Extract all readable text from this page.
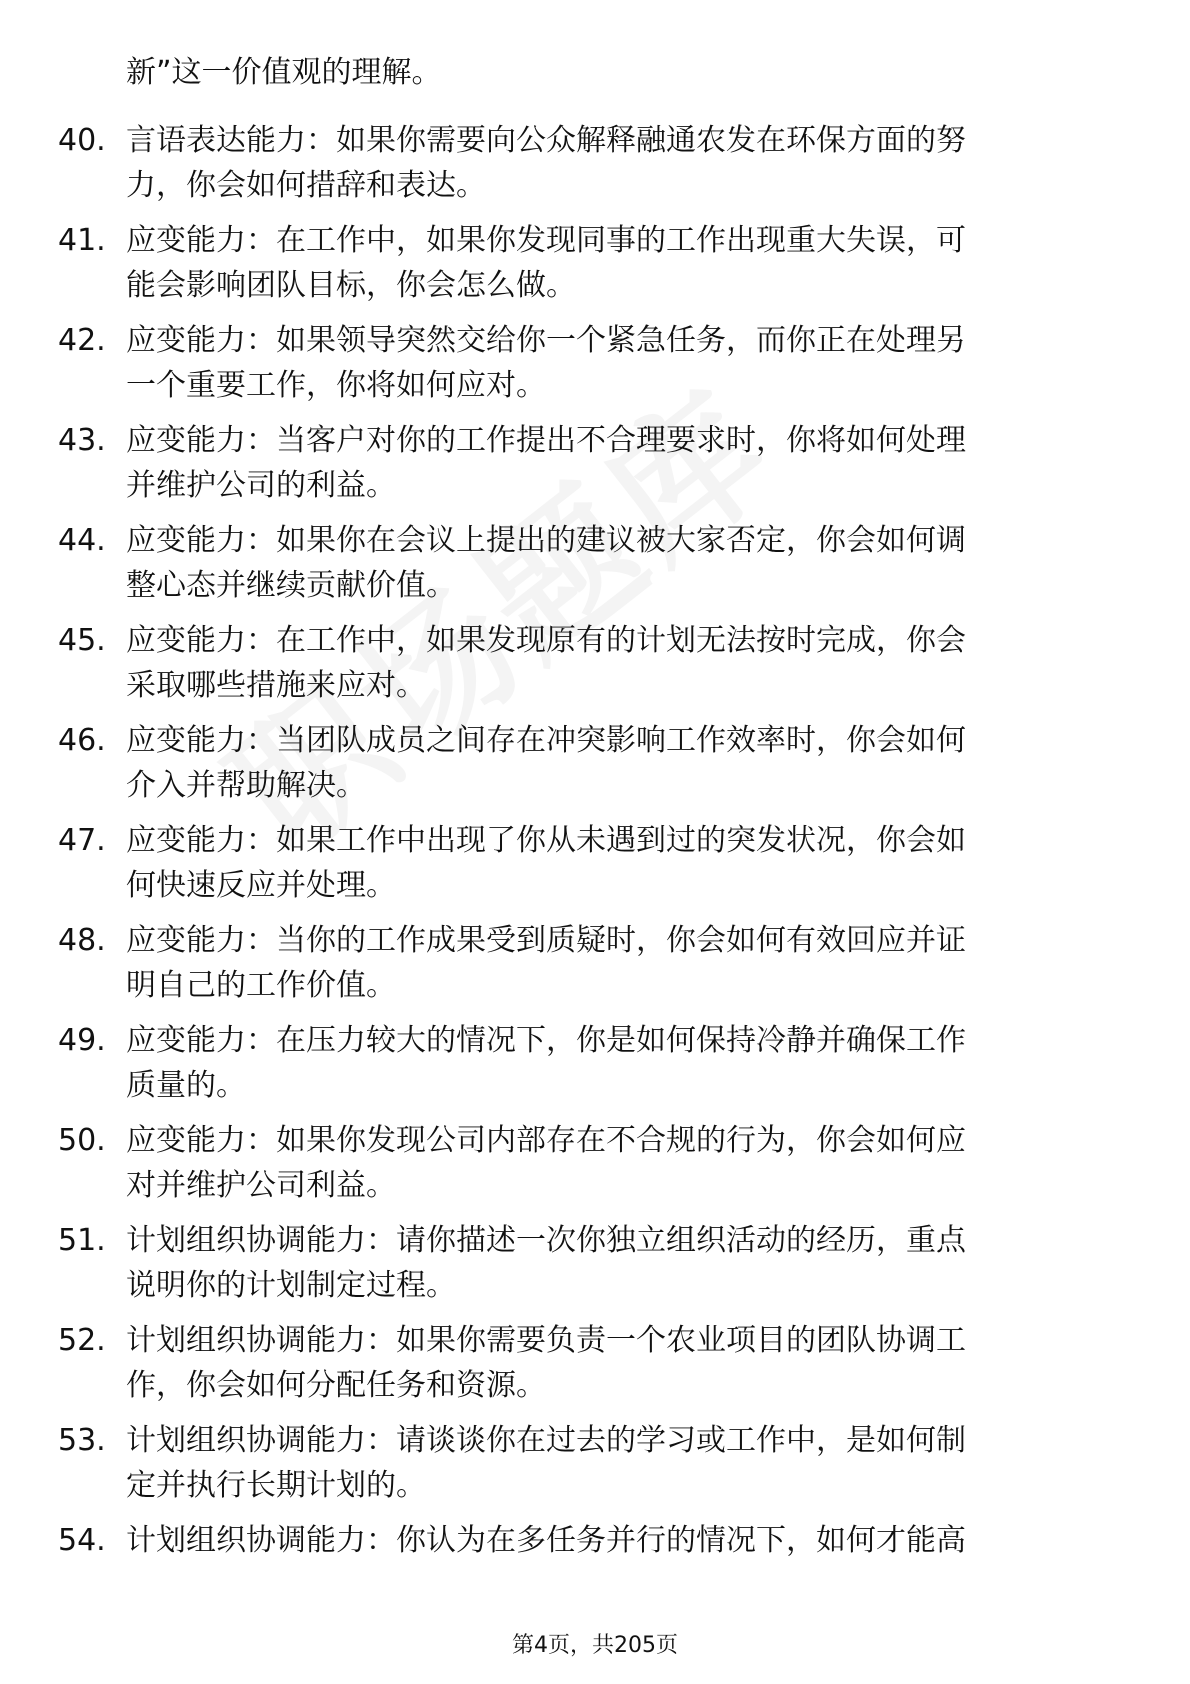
新”这一价值观的理解。
40. 言语表达能力：如果你需要向公众解释融通农发在环保方面的努
力，你会如何措辞和表达。
41. 应变能力：在工作中，如果你发现同事的工作出现重大失误，可
能会影响团队目标，你会怎么做。
42. 应变能力：如果领导突然交给你一个紧急任务，而你正在处理另
一个重要工作，你将如何应对。
43. 应变能力：当客户对你的工作提出不合理要求时，你将如何处理
并维护公司的利益。
44. 应变能力：如果你在会议上提出的建议被大家否定，你会如何调
整心态并继续贡献价值。
45. 应变能力：在工作中，如果发现原有的计划无法按时完成，你会
采取哪些措施来应对。
46. 应变能力：当团队成员之间存在冲突影响工作效率时，你会如何
介入并帮助解决。
47. 应变能力：如果工作中出现了你从未遇到过的突发状况，你会如
何快速反应并处理。
48. 应变能力：当你的工作成果受到质疑时，你会如何有效回应并证
明自己的工作价值。
49. 应变能力：在压力较大的情况下，你是如何保持冷静并确保工作
质量的。
50. 应变能力：如果你发现公司内部存在不合规的行为，你会如何应
对并维护公司利益。
51. 计划组织协调能力：请你描述一次你独立组织活动的经历，重点
说明你的计划制定过程。
52. 计划组织协调能力：如果你需要负责一个农业项目的团队协调工
作，你会如何分配任务和资源。
53. 计划组织协调能力：请谈谈你在过去的学习或工作中，是如何制
定并执行长期计划的。
54. 计划组织协调能力：你认为在多任务并行的情况下，如何才能高
第4页，共205页
